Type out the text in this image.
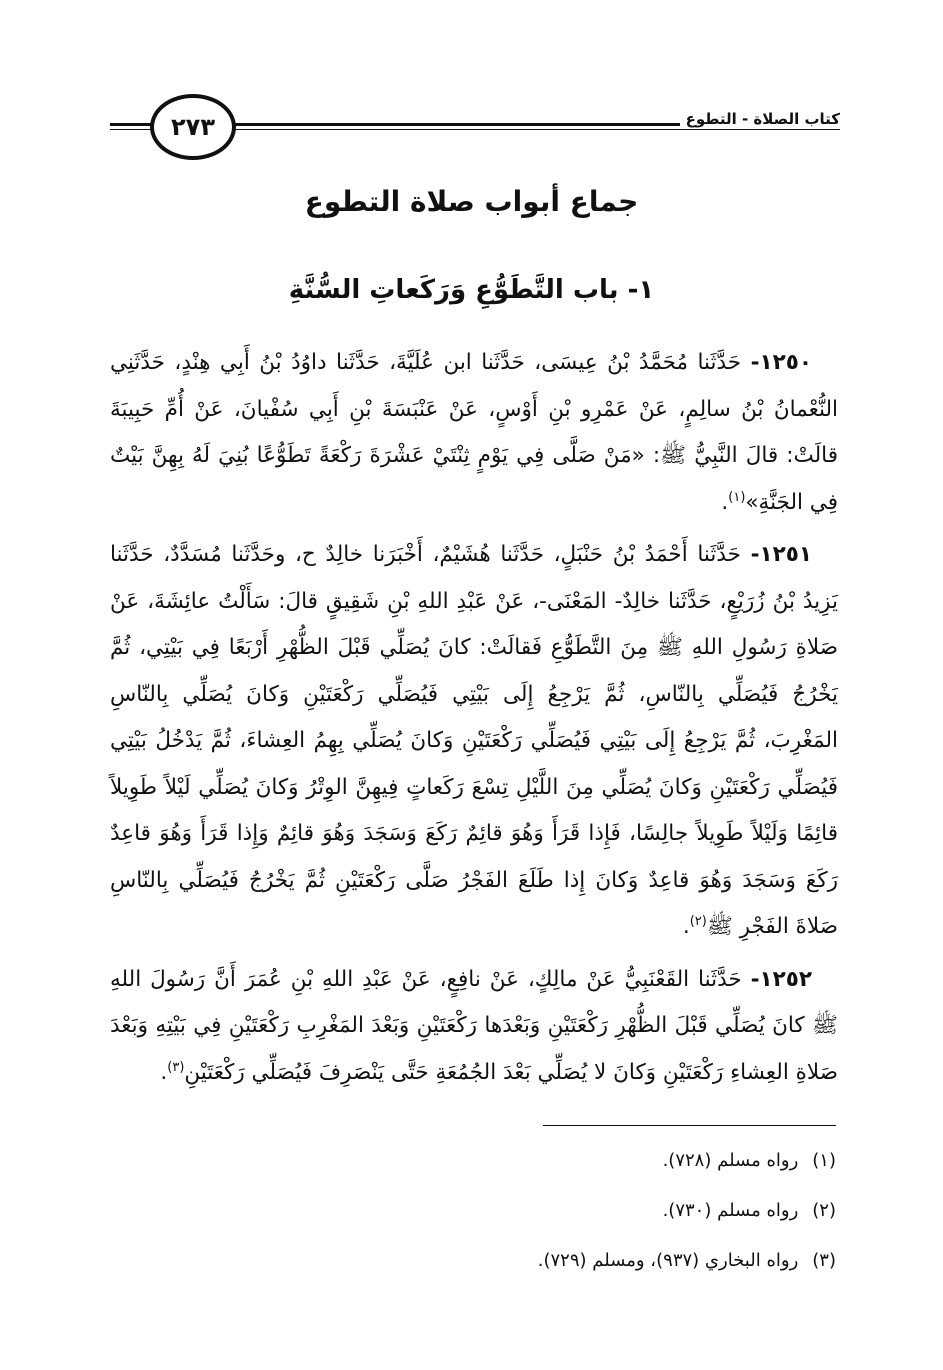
٢٧٣	كتاب الصلاة - التطوع
جماع أبواب صلاة التطوع
١- باب التَّطَوُّعِ وَرَكَعاتِ السُّنَّةِ

١٢٥٠- حَدَّثَنا مُحَمَّدُ بْنُ عِيسَى، حَدَّثَنا ابن عُلَيَّةَ، حَدَّثَنا داوُدُ بْنُ أَبِي هِنْدٍ، حَدَّثَنِي النُّعْمانُ بْنُ سالِمٍ، عَنْ عَمْرِو بْنِ أَوْسٍ، عَنْ عَنْبَسَةَ بْنِ أَبِي سُفْيانَ، عَنْ أُمِّ حَبِيبَةَ قالَتْ: قالَ النَّبِيُّ ﷺ: «مَنْ صَلَّى فِي يَوْمٍ ثِنْتَيْ عَشْرَةَ رَكْعَةً تَطَوُّعًا بُنِيَ لَهُ بِهِنَّ بَيْتٌ فِي الجَنَّةِ»$^{(١)}$.

١٢٥١- حَدَّثَنا أَحْمَدُ بْنُ حَنْبَلٍ، حَدَّثَنا هُشَيْمٌ، أَخْبَرَنا خالِدٌ ح، وحَدَّثَنا مُسَدَّدٌ، حَدَّثَنا يَزِيدُ بْنُ زُرَيْعٍ، حَدَّثَنا خالِدٌ- المَعْنَى-، عَنْ عَبْدِ اللهِ بْنِ شَقِيقٍ قالَ: سَأَلْتُ عائِشَةَ، عَنْ صَلاةِ رَسُولِ اللهِ ﷺ مِنَ التَّطَوُّعِ فَقالَتْ: كانَ يُصَلِّي قَبْلَ الظُّهْرِ أَرْبَعًا فِي بَيْتِي، ثُمَّ يَخْرُجُ فَيُصَلِّي بِالنّاسِ، ثُمَّ يَرْجِعُ إِلَى بَيْتِي فَيُصَلِّي رَكْعَتَيْنِ وَكانَ يُصَلِّي بِالنّاسِ المَغْرِبَ، ثُمَّ يَرْجِعُ إِلَى بَيْتِي فَيُصَلِّي رَكْعَتَيْنِ وَكانَ يُصَلِّي بِهِمُ العِشاءَ، ثُمَّ يَدْخُلُ بَيْتِي فَيُصَلِّي رَكْعَتَيْنِ وَكانَ يُصَلِّي مِنَ اللَّيْلِ تِسْعَ رَكَعاتٍ فِيهِنَّ الوِتْرُ وَكانَ يُصَلِّي لَيْلاً طَوِيلاً قائِمًا وَلَيْلاً طَوِيلاً جالِسًا، فَإِذا قَرَأَ وَهُوَ قائِمٌ رَكَعَ وَسَجَدَ وَهُوَ قائِمٌ وَإِذا قَرَأَ وَهُوَ قاعِدٌ رَكَعَ وَسَجَدَ وَهُوَ قاعِدٌ وَكانَ إِذا طَلَعَ الفَجْرُ صَلَّى رَكْعَتَيْنِ ثُمَّ يَخْرُجُ فَيُصَلِّي بِالنّاسِ صَلاةَ الفَجْرِ ﷺ$^{(٢)}$.

١٢٥٢- حَدَّثَنا القَعْنَبِيُّ عَنْ مالِكٍ، عَنْ نافِعٍ، عَنْ عَبْدِ اللهِ بْنِ عُمَرَ أَنَّ رَسُولَ اللهِ ﷺ كانَ يُصَلِّي قَبْلَ الظُّهْرِ رَكْعَتَيْنِ وَبَعْدَها رَكْعَتَيْنِ وَبَعْدَ المَغْرِبِ رَكْعَتَيْنِ فِي بَيْتِهِ وَبَعْدَ صَلاةِ العِشاءِ رَكْعَتَيْنِ وَكانَ لا يُصَلِّي بَعْدَ الجُمُعَةِ حَتَّى يَنْصَرِفَ فَيُصَلِّي رَكْعَتَيْنِ$^{(٣)}$.

(١)رواه مسلم (٧٢٨).
(٢)رواه مسلم (٧٣٠).
(٣)رواه البخاري (٩٣٧)، ومسلم (٧٢٩).
